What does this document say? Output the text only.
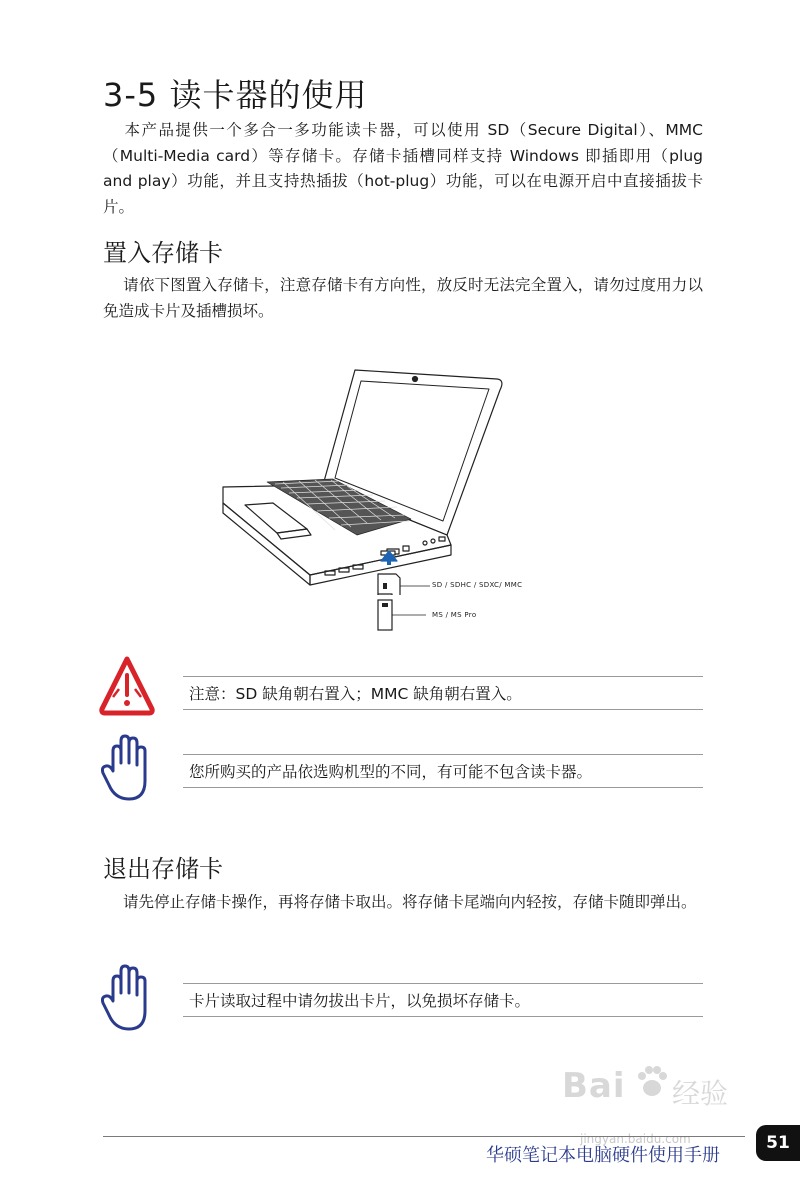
3-5 读卡器的使用

本产品提供一个多合一多功能读卡器，可以使用 SD（Secure Digital）、MMC（Multi-Media card）等存储卡。存储卡插槽同样支持 Windows 即插即用（plug and play）功能，并且支持热插拔（hot-plug）功能，可以在电源开启中直接插拔卡片。

置入存储卡

请依下图置入存储卡，注意存储卡有方向性，放反时无法完全置入，请勿过度用力以免造成卡片及插槽损坏。

SD / SDHC / SDXC/ MMC
MS / MS Pro
注意：SD 缺角朝右置入；MMC 缺角朝右置入。
您所购买的产品依选购机型的不同，有可能不包含读卡器。
退出存储卡

请先停止存储卡操作，再将存储卡取出。将存储卡尾端向内轻按，存储卡随即弹出。

卡片读取过程中请勿拔出卡片，以免损坏存储卡。
Bai 经验
jingyan.baidu.com
华硕笔记本电脑硬件使用手册
51
